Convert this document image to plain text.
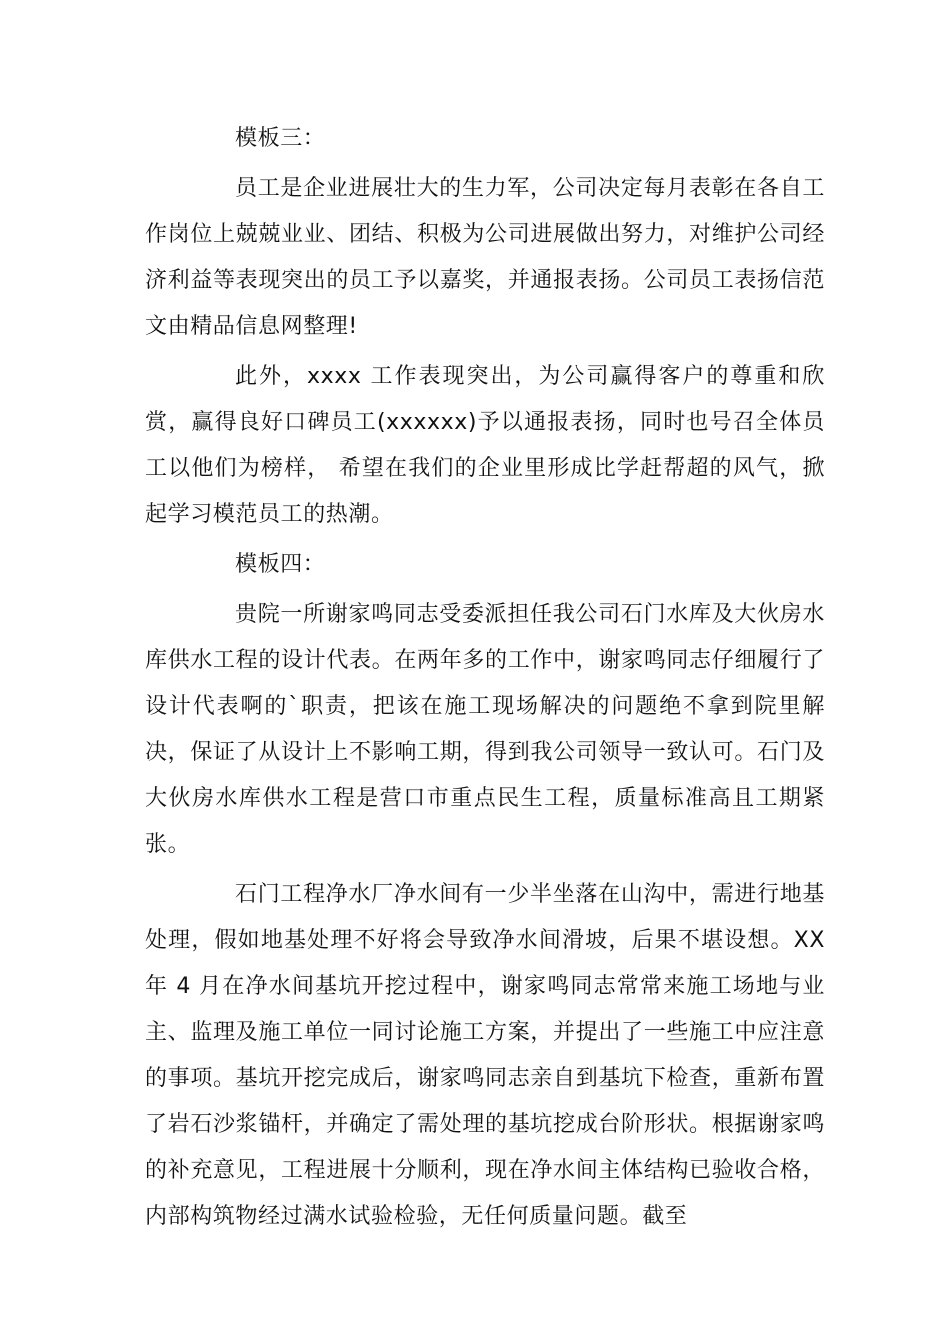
模板三：

员工是企业进展壮大的生力军，公司决定每月表彰在各自工作岗位上兢兢业业、团结、积极为公司进展做出努力，对维护公司经济利益等表现突出的员工予以嘉奖，并通报表扬。公司员工表扬信范文由精品信息网整理!

此外，xxxx 工作表现突出，为公司赢得客户的尊重和欣赏，赢得良好口碑员工(xxxxxx)予以通报表扬，同时也号召全体员工以他们为榜样， 希望在我们的企业里形成比学赶帮超的风气，掀起学习模范员工的热潮。

模板四：

贵院一所谢家鸣同志受委派担任我公司石门水库及大伙房水库供水工程的设计代表。在两年多的工作中，谢家鸣同志仔细履行了设计代表啊的`职责，把该在施工现场解决的问题绝不拿到院里解决，保证了从设计上不影响工期，得到我公司领导一致认可。石门及大伙房水库供水工程是营口市重点民生工程，质量标准高且工期紧张。

石门工程净水厂净水间有一少半坐落在山沟中，需进行地基处理，假如地基处理不好将会导致净水间滑坡，后果不堪设想。XX 年 4 月在净水间基坑开挖过程中，谢家鸣同志常常来施工场地与业主、监理及施工单位一同讨论施工方案，并提出了一些施工中应注意的事项。基坑开挖完成后，谢家鸣同志亲自到基坑下检查，重新布置了岩石沙浆锚杆，并确定了需处理的基坑挖成台阶形状。根据谢家鸣的补充意见，工程进展十分顺利，现在净水间主体结构已验收合格，内部构筑物经过满水试验检验，无任何质量问题。截至
